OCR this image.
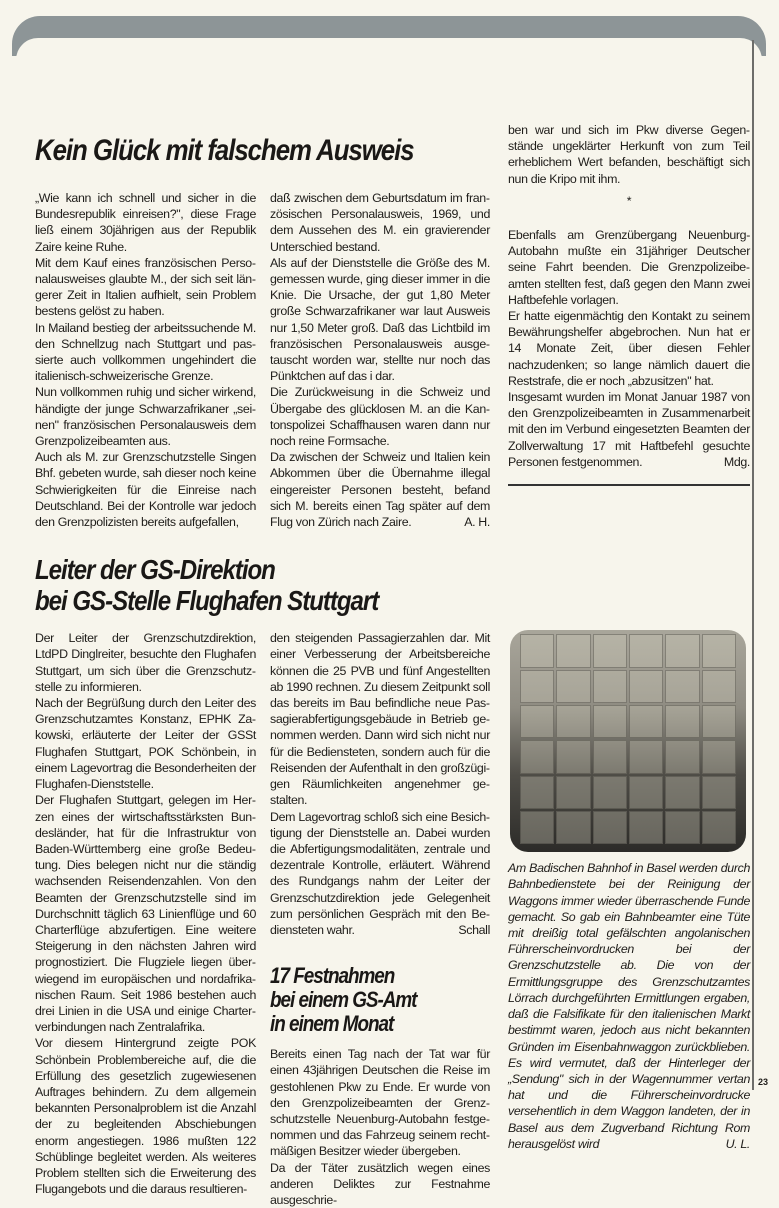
Kein Glück mit falschem Ausweis

„Wie kann ich schnell und sicher in die Bundesrepublik einreisen?", diese Frage ließ einem 30jährigen aus der Republik Zaire keine Ruhe.

Mit dem Kauf eines französischen Personalausweises glaubte M., der sich seit längerer Zeit in Italien aufhielt, sein Problem bestens gelöst zu haben.

In Mailand bestieg der arbeitssuchende M. den Schnellzug nach Stuttgart und passierte auch vollkommen ungehindert die italienisch-schweizerische Grenze.

Nun vollkommen ruhig und sicher wirkend, händigte der junge Schwarzafrikaner „seinen" französischen Personalausweis dem Grenzpolizeibeamten aus.

Auch als M. zur Grenzschutzstelle Singen Bhf. gebeten wurde, sah dieser noch keine Schwierigkeiten für die Einreise nach Deutschland. Bei der Kontrolle war jedoch den Grenzpolizisten bereits aufgefallen,

daß zwischen dem Geburtsdatum im französischen Personalausweis, 1969, und dem Aussehen des M. ein gravierender Unterschied bestand.

Als auf der Dienststelle die Größe des M. gemessen wurde, ging dieser immer in die Knie. Die Ursache, der gut 1,80 Meter große Schwarzafrikaner war laut Ausweis nur 1,50 Meter groß. Daß das Lichtbild im französischen Personalausweis ausgetauscht worden war, stellte nur noch das Pünktchen auf das i dar.

Die Zurückweisung in die Schweiz und Übergabe des glücklosen M. an die Kantonspolizei Schaffhausen waren dann nur noch reine Formsache.

Da zwischen der Schweiz und Italien kein Abkommen über die Übernahme illegal eingereister Personen besteht, befand sich M. bereits einen Tag später auf dem Flug von Zürich nach Zaire.	A. H.

ben war und sich im Pkw diverse Gegenstände ungeklärter Herkunft von zum Teil erheblichem Wert befanden, beschäftigt sich nun die Kripo mit ihm.

*

Ebenfalls am Grenzübergang Neuenburg-Autobahn mußte ein 31jähriger Deutscher seine Fahrt beenden. Die Grenzpolizeibeamten stellten fest, daß gegen den Mann zwei Haftbefehle vorlagen.

Er hatte eigenmächtig den Kontakt zu seinem Bewährungshelfer abgebrochen. Nun hat er 14 Monate Zeit, über diesen Fehler nachzudenken; so lange nämlich dauert die Reststrafe, die er noch „abzusitzen" hat.

Insgesamt wurden im Monat Januar 1987 von den Grenzpolizeibeamten in Zusammenarbeit mit den im Verbund eingesetzten Beamten der Zollverwaltung 17 mit Haftbefehl gesuchte Personen festgenommen.	Mdg.

Leiter der GS-Direktion
bei GS-Stelle Flughafen Stuttgart

Der Leiter der Grenzschutzdirektion, LtdPD Dinglreiter, besuchte den Flughafen Stuttgart, um sich über die Grenzschutzstelle zu informieren.

Nach der Begrüßung durch den Leiter des Grenzschutzamtes Konstanz, EPHK Zakowski, erläuterte der Leiter der GSSt Flughafen Stuttgart, POK Schönbein, in einem Lagevortrag die Besonderheiten der Flughafen-Dienststelle.

Der Flughafen Stuttgart, gelegen im Herzen eines der wirtschaftsstärksten Bundesländer, hat für die Infrastruktur von Baden-Württemberg eine große Bedeutung. Dies belegen nicht nur die ständig wachsenden Reisendenzahlen. Von den Beamten der Grenzschutzstelle sind im Durchschnitt täglich 63 Linienflüge und 60 Charterflüge abzufertigen. Eine weitere Steigerung in den nächsten Jahren wird prognostiziert. Die Flugziele liegen überwiegend im europäischen und nordafrikanischen Raum. Seit 1986 bestehen auch drei Linien in die USA und einige Charterverbindungen nach Zentralafrika.

Vor diesem Hintergrund zeigte POK Schönbein Problembereiche auf, die die Erfüllung des gesetzlich zugewiesenen Auftrages behindern. Zu dem allgemein bekannten Personalproblem ist die Anzahl der zu begleitenden Abschiebungen enorm angestiegen. 1986 mußten 122 Schüblinge begleitet werden. Als weiteres Problem stellten sich die Erweiterung des Flugangebots und die daraus resultieren-

den steigenden Passagierzahlen dar. Mit einer Verbesserung der Arbeitsbereiche können die 25 PVB und fünf Angestellten ab 1990 rechnen. Zu diesem Zeitpunkt soll das bereits im Bau befindliche neue Passagierabfertigungsgebäude in Betrieb genommen werden. Dann wird sich nicht nur für die Bediensteten, sondern auch für die Reisenden der Aufenthalt in den großzügigen Räumlichkeiten angenehmer gestalten.

Dem Lagevortrag schloß sich eine Besichtigung der Dienststelle an. Dabei wurden die Abfertigungsmodalitäten, zentrale und dezentrale Kontrolle, erläutert. Während des Rundgangs nahm der Leiter der Grenzschutzdirektion jede Gelegenheit zum persönlichen Gespräch mit den Bediensteten wahr.	Schall

17 Festnahmen
bei einem GS-Amt
in einem Monat

Bereits einen Tag nach der Tat war für einen 43jährigen Deutschen die Reise im gestohlenen Pkw zu Ende. Er wurde von den Grenzpolizeibeamten der Grenzschutzstelle Neuenburg-Autobahn festgenommen und das Fahrzeug seinem rechtmäßigen Besitzer wieder übergeben.

Da der Täter zusätzlich wegen eines anderen Deliktes zur Festnahme ausgeschrie-

Am Badischen Bahnhof in Basel werden durch Bahnbedienstete bei der Reinigung der Waggons immer wieder überraschende Funde gemacht. So gab ein Bahnbeamter eine Tüte mit dreißig total gefälschten angolanischen Führerscheinvordrucken bei der Grenzschutzstelle ab. Die von der Ermittlungsgruppe des Grenzschutzamtes Lörrach durchgeführten Ermittlungen ergaben, daß die Falsifikate für den italienischen Markt bestimmt waren, jedoch aus nicht bekannten Gründen im Eisenbahnwaggon zurückblieben. Es wird vermutet, daß der Hinterleger der „Sendung" sich in der Wagennummer vertan hat und die Führerscheinvordrucke versehentlich in dem Waggon landeten, der in Basel aus dem Zugverband Richtung Rom herausgelöst wird	U. L.

23
